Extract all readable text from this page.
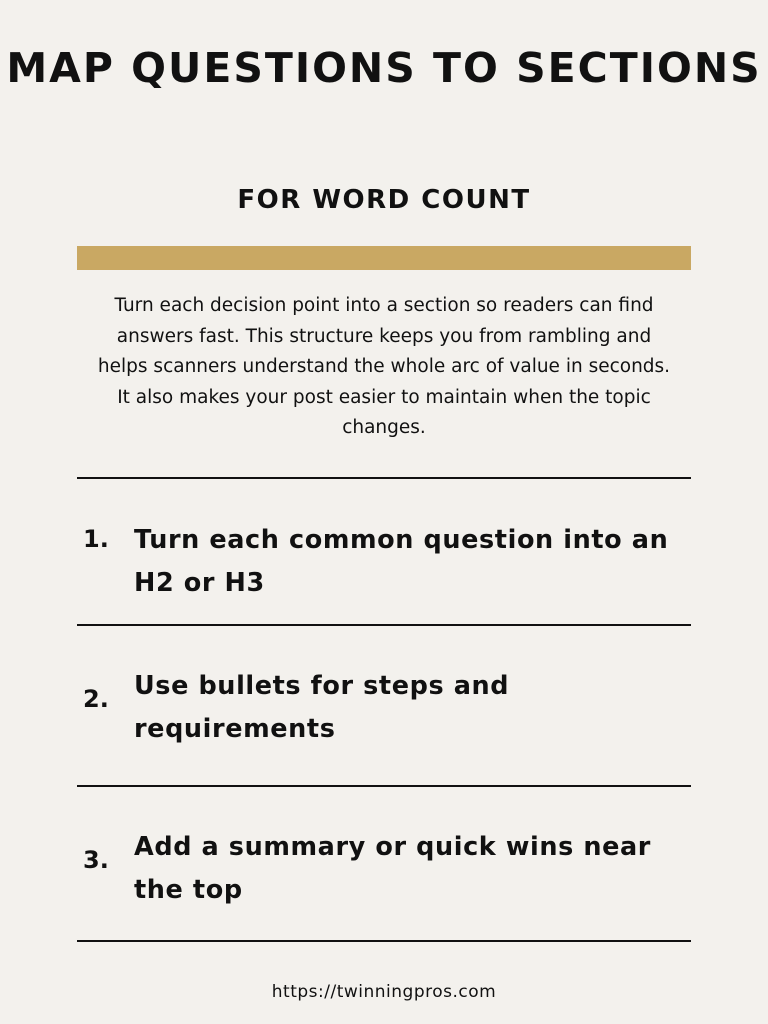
MAP QUESTIONS TO SECTIONS
FOR WORD COUNT

Turn each decision point into a section so readers can find answers fast. This structure keeps you from rambling and helps scanners understand the whole arc of value in seconds. It also makes your post easier to maintain when the topic changes.

1. Turn each common question into an H2 or H3

2. Use bullets for steps and requirements

3. Add a summary or quick wins near the top

https://twinningpros.com
